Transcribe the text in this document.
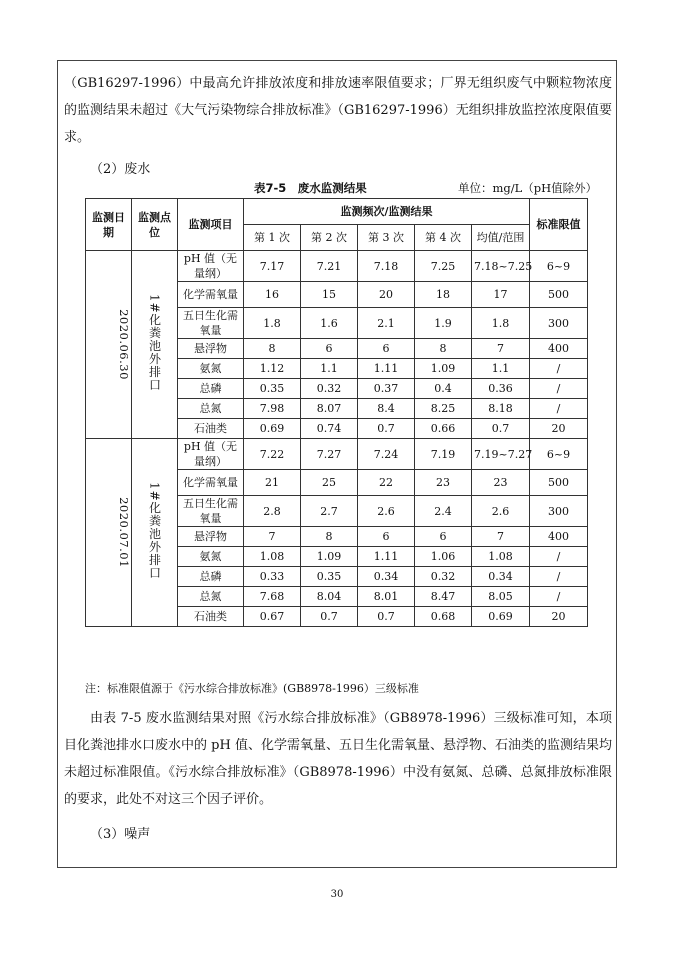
（GB16297-1996）中最高允许排放浓度和排放速率限值要求；厂界无组织废气中颗粒物浓度的监测结果未超过《大气污染物综合排放标准》（GB16297-1996）无组织排放监控浓度限值要求。

（2）废水

表7-5　废水监测结果	单位：mg/L（pH值除外）
监测日期	监测点位	监测项目	监测频次/监测结果					标准限值
			第 1 次	第 2 次	第 3 次	第 4 次	均值/范围	
2020.06.30	1#化粪池外排口	pH 值（无量纲）	7.17	7.21	7.18	7.25	7.18~7.25	6~9
		化学需氧量	16	15	20	18	17	500
		五日生化需氧量	1.8	1.6	2.1	1.9	1.8	300
		悬浮物	8	6	6	8	7	400
		氨氮	1.12	1.1	1.11	1.09	1.1	/
		总磷	0.35	0.32	0.37	0.4	0.36	/
		总氮	7.98	8.07	8.4	8.25	8.18	/
		石油类	0.69	0.74	0.7	0.66	0.7	20
2020.07.01	1#化粪池外排口	pH 值（无量纲）	7.22	7.27	7.24	7.19	7.19~7.27	6~9
		化学需氧量	21	25	22	23	23	500
		五日生化需氧量	2.8	2.7	2.6	2.4	2.6	300
		悬浮物	7	8	6	6	7	400
		氨氮	1.08	1.09	1.11	1.06	1.08	/
		总磷	0.33	0.35	0.34	0.32	0.34	/
		总氮	7.68	8.04	8.01	8.47	8.05	/
		石油类	0.67	0.7	0.7	0.68	0.69	20
注：标准限值源于《污水综合排放标准》(GB8978-1996）三级标准

由表 7-5 废水监测结果对照《污水综合排放标准》（GB8978-1996）三级标准可知，本项目化粪池排水口废水中的 pH 值、化学需氧量、五日生化需氧量、悬浮物、石油类的监测结果均未超过标准限值。《污水综合排放标准》（GB8978-1996）中没有氨氮、总磷、总氮排放标准限的要求，此处不对这三个因子评价。

（3）噪声

30
